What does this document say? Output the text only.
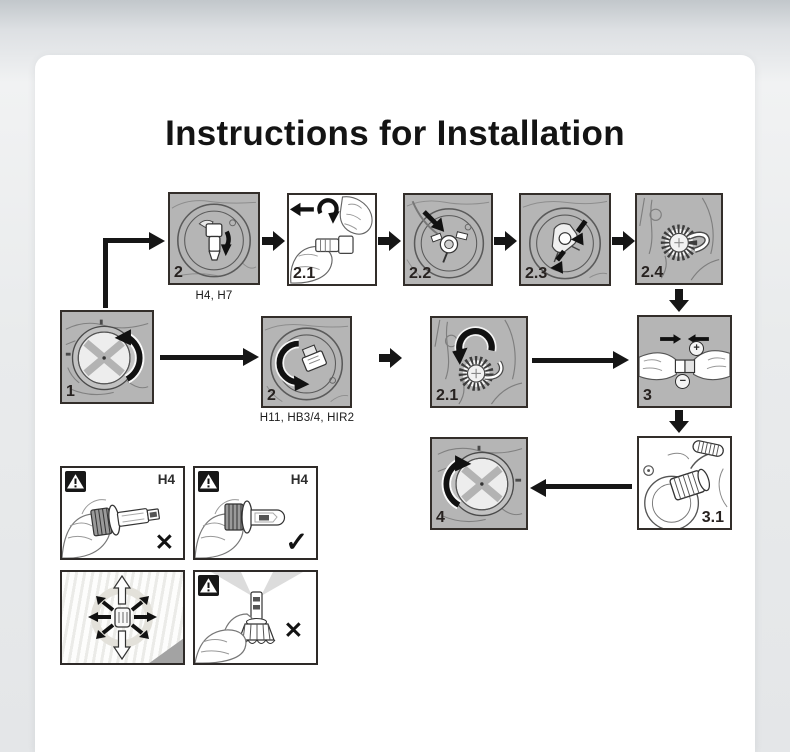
Instructions for Installation
2
H4, H7
2.1	2.2	2.3	2.4
1	2
H11, HB3/4, HIR2
2.1
+
−
3
4	3.1
H4
✕
H4
✓
✕
